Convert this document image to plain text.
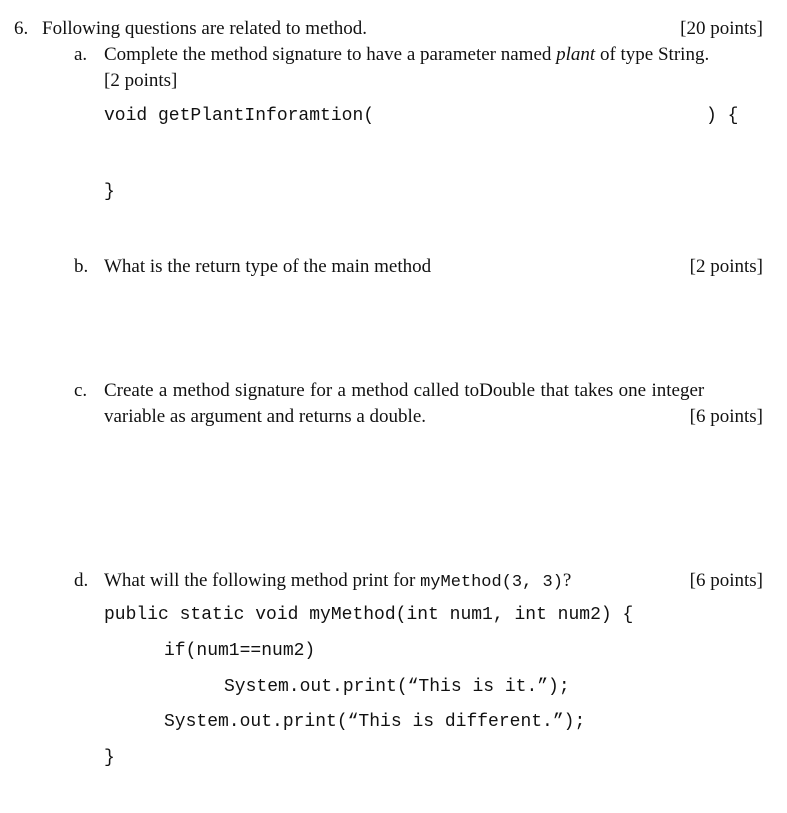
6. Following questions are related to method.	[20 points]
a. Complete the method signature to have a parameter named plant of type String.
[2 points]
void getPlantInforamtion(	) {
}
b. What is the return type of the main method	[2 points]
c. Create a method signature for a method called toDouble that takes one integer
variable as argument and returns a double.	[6 points]
d. What will the following method print for myMethod(3, 3)?	[6 points]
public static void myMethod(int num1, int num2) {
if(num1==num2)
System.out.print(“This is it.”);
System.out.print(“This is different.”);
}
